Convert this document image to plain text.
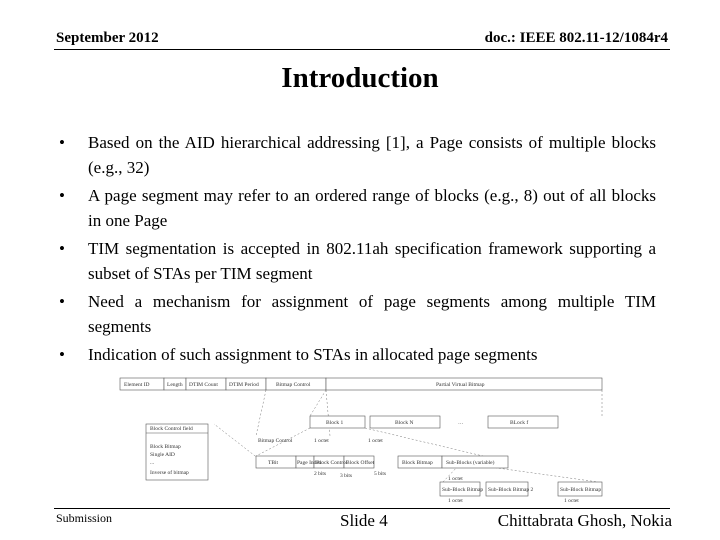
September 2012	doc.: IEEE 802.11-12/1084r4
Introduction
• Based on the AID hierarchical addressing [1], a Page consists of multiple blocks (e.g., 32)
• A page segment may refer to an ordered range of blocks (e.g., 8) out of all blocks in one Page
• TIM segmentation is accepted in 802.11ah specification framework supporting a subset of STAs per TIM segment
• Need a mechanism for assignment of page segments among multiple TIM segments
• Indication of such assignment to STAs in allocated page segments
Element ID	Length DTIM Count DTIM Period	Bitmap Control	Partial Virtual Bitmap
Block 1	Block N	…	BLock f
Bitmap Control	1 octet	1 octet
TBit	Page Index
Block Control
Block Offset	Block Bitmap Sub-Blocks (variable)
2 bits	3 bits	5 bits
Block Control field
Block Bitmap
Single AID
...
Inverse of bitmap
1 octet
Sub-Block Bitmap Sub-Block Bitmap 2	Sub-Block Bitmap
1 octet	1 octet
Submission	Slide 4	Chittabrata Ghosh, Nokia
